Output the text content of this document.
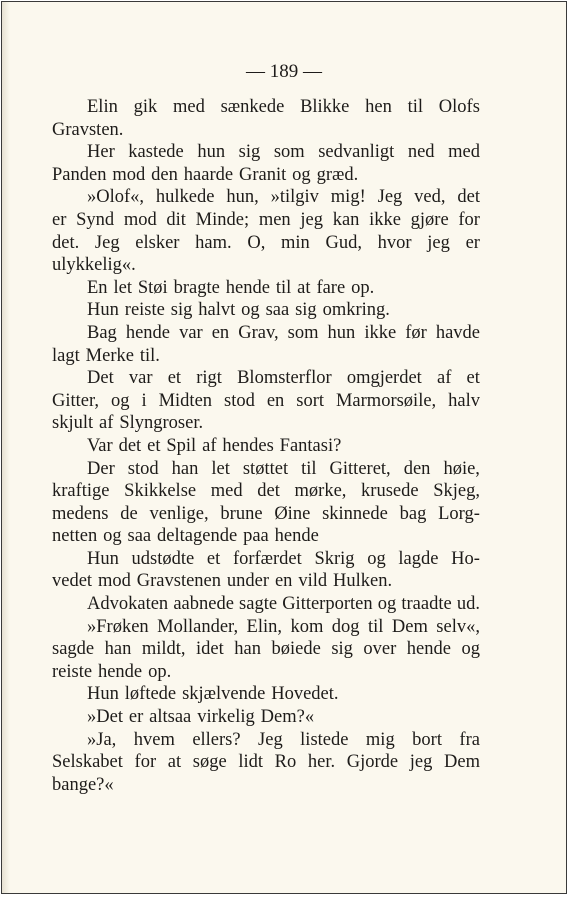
— 189 —
Elin gik med sænkede Blikke hen til Olofs
Gravsten.
Her kastede hun sig som sedvanligt ned med
Panden mod den haarde Granit og græd.
»Olof«, hulkede hun, »tilgiv mig! Jeg ved, det
er Synd mod dit Minde; men jeg kan ikke gjøre for
det. Jeg elsker ham. O, min Gud, hvor jeg er
ulykkelig«.
En let Støi bragte hende til at fare op.
Hun reiste sig halvt og saa sig omkring.
Bag hende var en Grav, som hun ikke før havde
lagt Merke til.
Det var et rigt Blomsterflor omgjerdet af et
Gitter, og i Midten stod en sort Marmorsøile, halv
skjult af Slyngroser.
Var det et Spil af hendes Fantasi?
Der stod han let støttet til Gitteret, den høie,
kraftige Skikkelse med det mørke, krusede Skjeg,
medens de venlige, brune Øine skinnede bag Lorg-
netten og saa deltagende paa hende
Hun udstødte et forfærdet Skrig og lagde Ho-
vedet mod Gravstenen under en vild Hulken.
Advokaten aabnede sagte Gitterporten og traadte ud.
»Frøken Mollander, Elin, kom dog til Dem selv«,
sagde han mildt, idet han bøiede sig over hende og
reiste hende op.
Hun løftede skjælvende Hovedet.
»Det er altsaa virkelig Dem?«
»Ja, hvem ellers? Jeg listede mig bort fra
Selskabet for at søge lidt Ro her. Gjorde jeg Dem
bange?«
